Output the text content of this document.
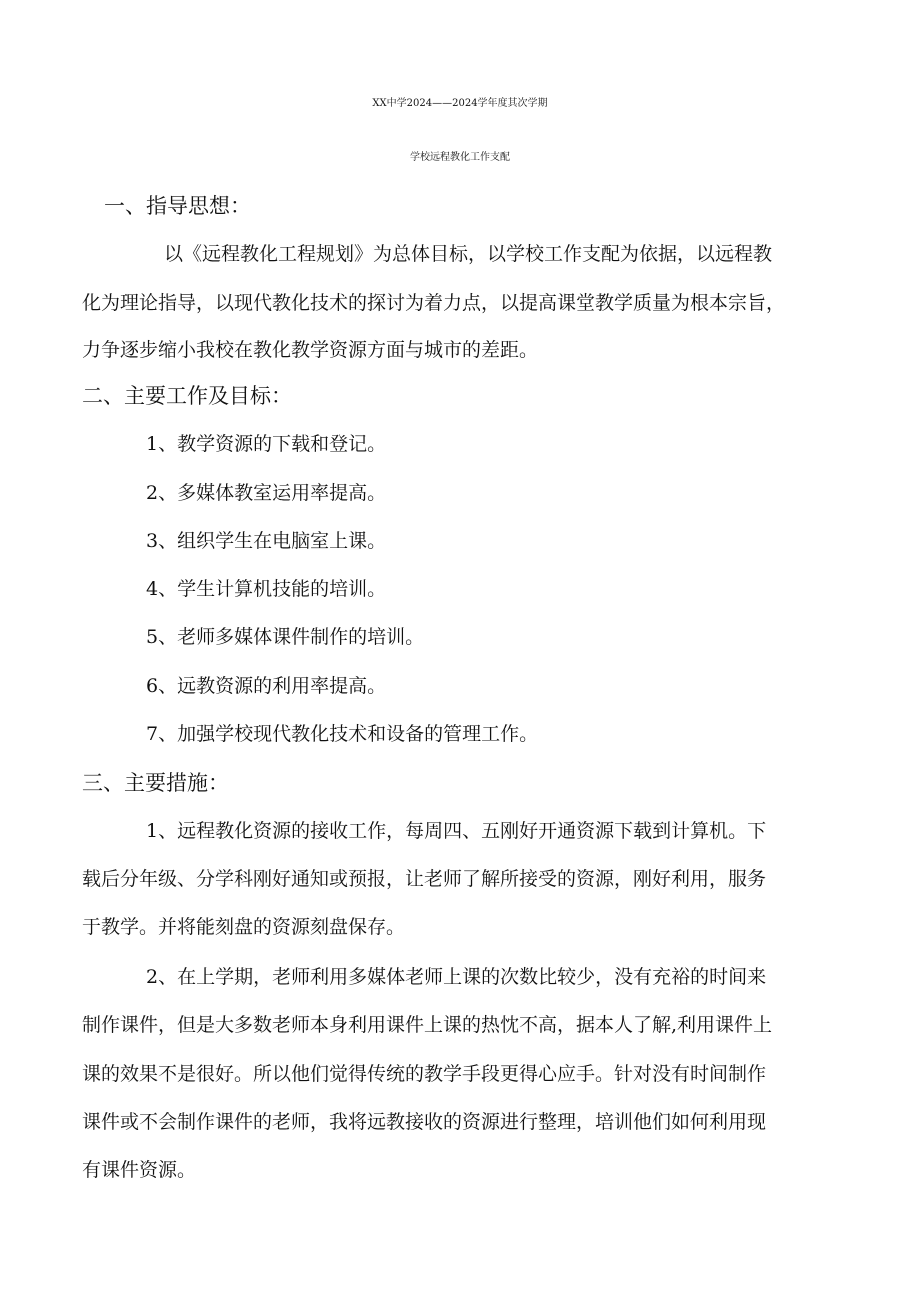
XX中学2024——2024学年度其次学期
学校远程教化工作支配
一、指导思想：
以《远程教化工程规划》为总体目标，以学校工作支配为依据，以远程教
化为理论指导，以现代教化技术的探讨为着力点，以提高课堂教学质量为根本宗旨，
力争逐步缩小我校在教化教学资源方面与城市的差距。
二、主要工作及目标：
1、教学资源的下载和登记。
2、多媒体教室运用率提高。
3、组织学生在电脑室上课。
4、学生计算机技能的培训。
5、老师多媒体课件制作的培训。
6、远教资源的利用率提高。
7、加强学校现代教化技术和设备的管理工作。
三、主要措施：
1、远程教化资源的接收工作，每周四、五刚好开通资源下载到计算机。下
载后分年级、分学科刚好通知或预报，让老师了解所接受的资源，刚好利用，服务
于教学。并将能刻盘的资源刻盘保存。
2、在上学期，老师利用多媒体老师上课的次数比较少，没有充裕的时间来
制作课件，但是大多数老师本身利用课件上课的热忱不高，据本人了解,利用课件上
课的效果不是很好。所以他们觉得传统的教学手段更得心应手。针对没有时间制作
课件或不会制作课件的老师，我将远教接收的资源进行整理，培训他们如何利用现
有课件资源。
